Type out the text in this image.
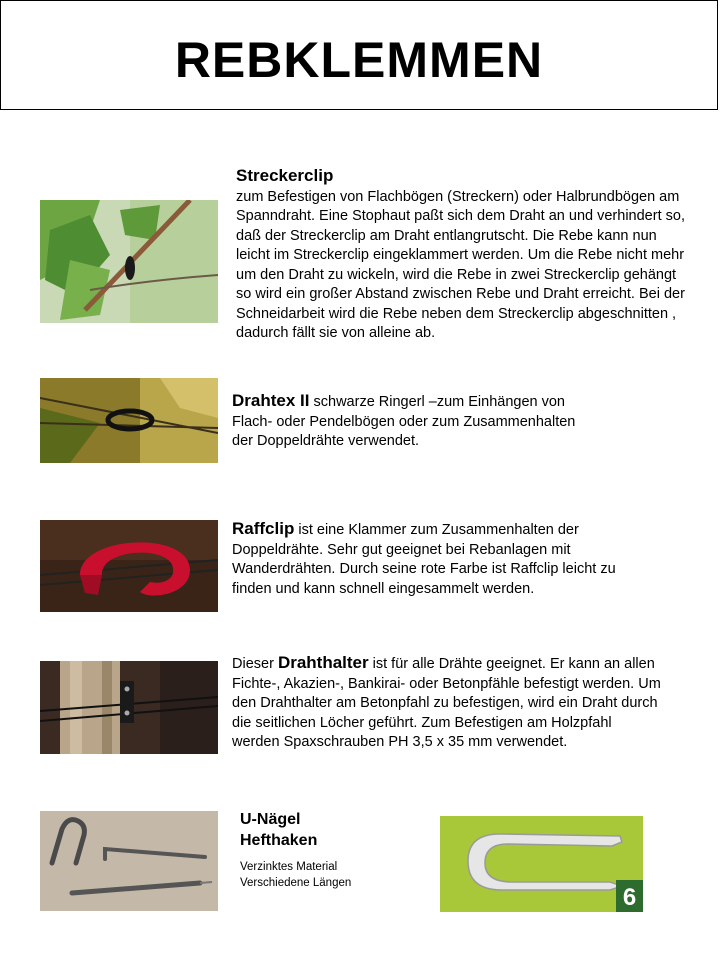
REBKLEMMEN

Streckerclip

zum Befestigen von Flachbögen (Streckern) oder Halbrundbögen am Spanndraht. Eine Stophaut paßt sich dem Draht an und verhindert so, daß der Streckerclip am Draht entlangrutscht. Die Rebe kann nun leicht im Streckerclip eingeklammert werden. Um die Rebe nicht mehr um den Draht zu wickeln, wird die Rebe in zwei Streckerclip gehängt so wird ein großer Abstand zwischen Rebe und Draht erreicht. Bei der Schneidarbeit wird die Rebe neben dem Streckerclip abgeschnitten , dadurch fällt sie von alleine ab.

Drahtex II schwarze Ringerl –zum Einhängen von Flach- oder Pendelbögen oder zum Zusammenhalten der Doppeldrähte verwendet.

Raffclip ist eine Klammer zum Zusammenhalten der Doppeldrähte. Sehr gut geeignet bei Rebanlagen mit Wanderdrähten. Durch seine rote Farbe ist Raffclip leicht zu finden und kann schnell eingesammelt werden.

Dieser Drahthalter ist für alle Drähte geeignet. Er kann an allen Fichte-, Akazien-, Bankirai- oder Betonpfähle befestigt werden. Um den Drahthalter am Betonpfahl zu befestigen, wird ein Draht durch die seitlichen Löcher geführt. Zum Befestigen am Holzpfahl werden Spaxschrauben PH 3,5 x 35 mm verwendet.

U-Nägel

Hefthaken

Verzinktes Material

Verschiedene Längen

6
